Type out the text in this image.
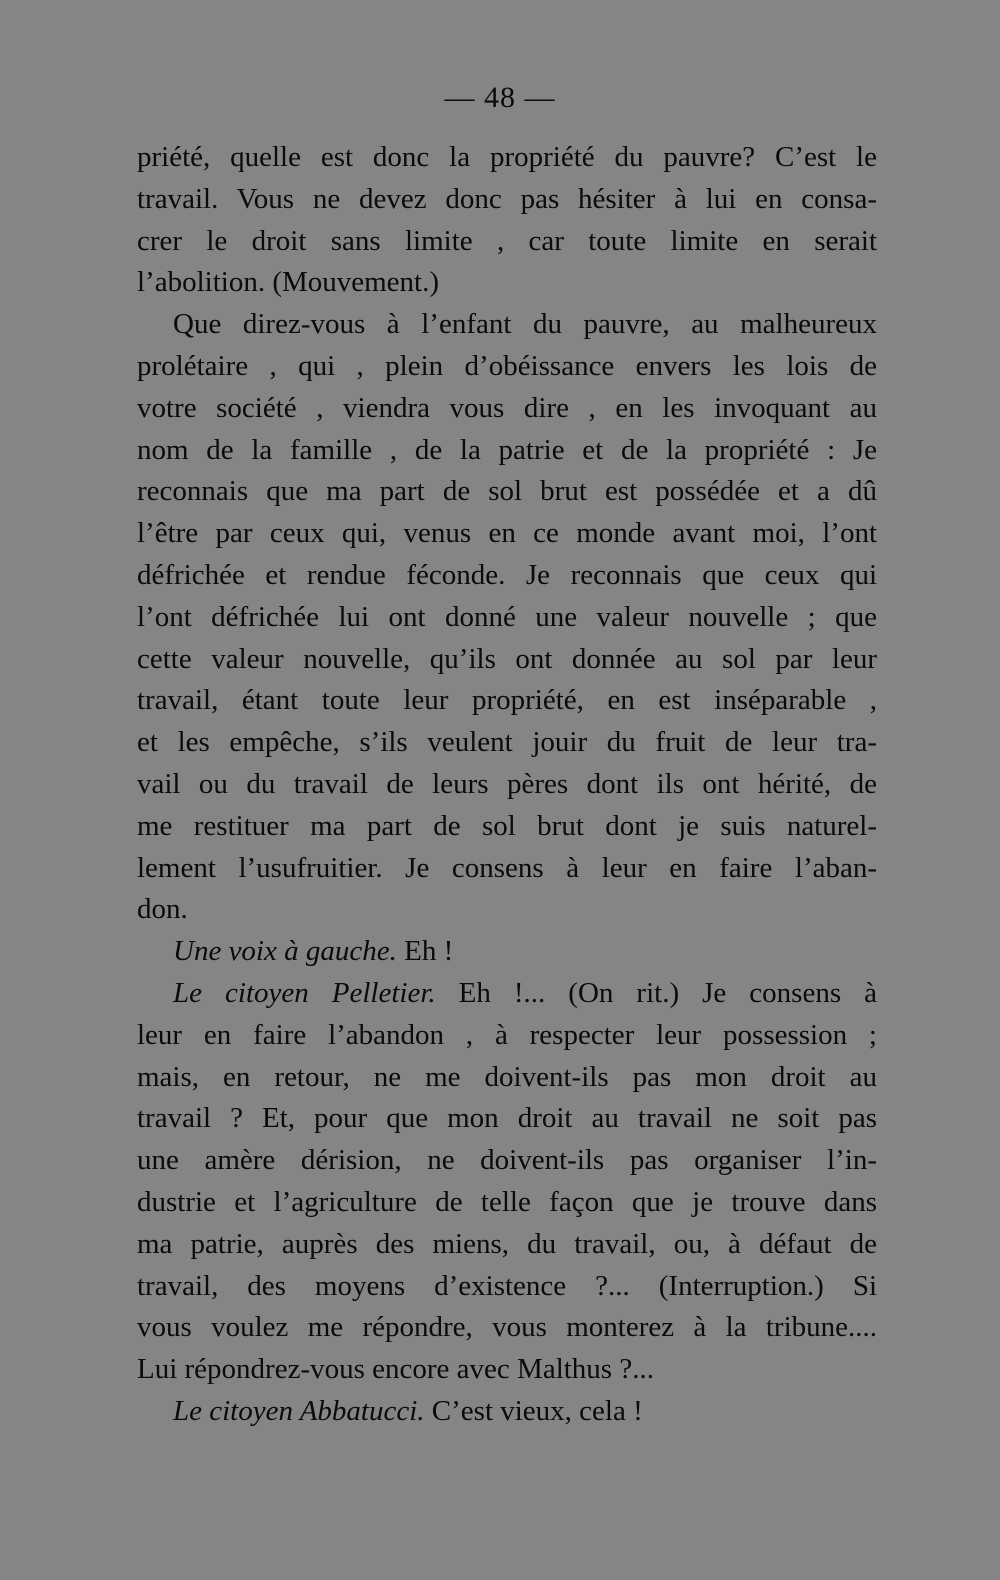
— 48 —
priété, quelle est donc la propriété du pauvre? C’est le
travail. Vous ne devez donc pas hésiter à lui en consa-
crer le droit sans limite , car toute limite en serait
l’abolition. (Mouvement.)
Que direz-vous à l’enfant du pauvre, au malheureux
prolétaire , qui , plein d’obéissance envers les lois de
votre société , viendra vous dire , en les invoquant au
nom de la famille , de la patrie et de la propriété : Je
reconnais que ma part de sol brut est possédée et a dû
l’être par ceux qui, venus en ce monde avant moi, l’ont
défrichée et rendue féconde. Je reconnais que ceux qui
l’ont défrichée lui ont donné une valeur nouvelle ; que
cette valeur nouvelle, qu’ils ont donnée au sol par leur
travail, étant toute leur propriété, en est inséparable ,
et les empêche, s’ils veulent jouir du fruit de leur tra-
vail ou du travail de leurs pères dont ils ont hérité, de
me restituer ma part de sol brut dont je suis naturel-
lement l’usufruitier. Je consens à leur en faire l’aban-
don.
Une voix à gauche. Eh !
Le citoyen Pelletier. Eh !... (On rit.) Je consens à
leur en faire l’abandon , à respecter leur possession ;
mais, en retour, ne me doivent-ils pas mon droit au
travail ? Et, pour que mon droit au travail ne soit pas
une amère dérision, ne doivent-ils pas organiser l’in-
dustrie et l’agriculture de telle façon que je trouve dans
ma patrie, auprès des miens, du travail, ou, à défaut de
travail, des moyens d’existence ?... (Interruption.) Si
vous voulez me répondre, vous monterez à la tribune....
Lui répondrez-vous encore avec Malthus ?...
Le citoyen Abbatucci. C’est vieux, cela !
